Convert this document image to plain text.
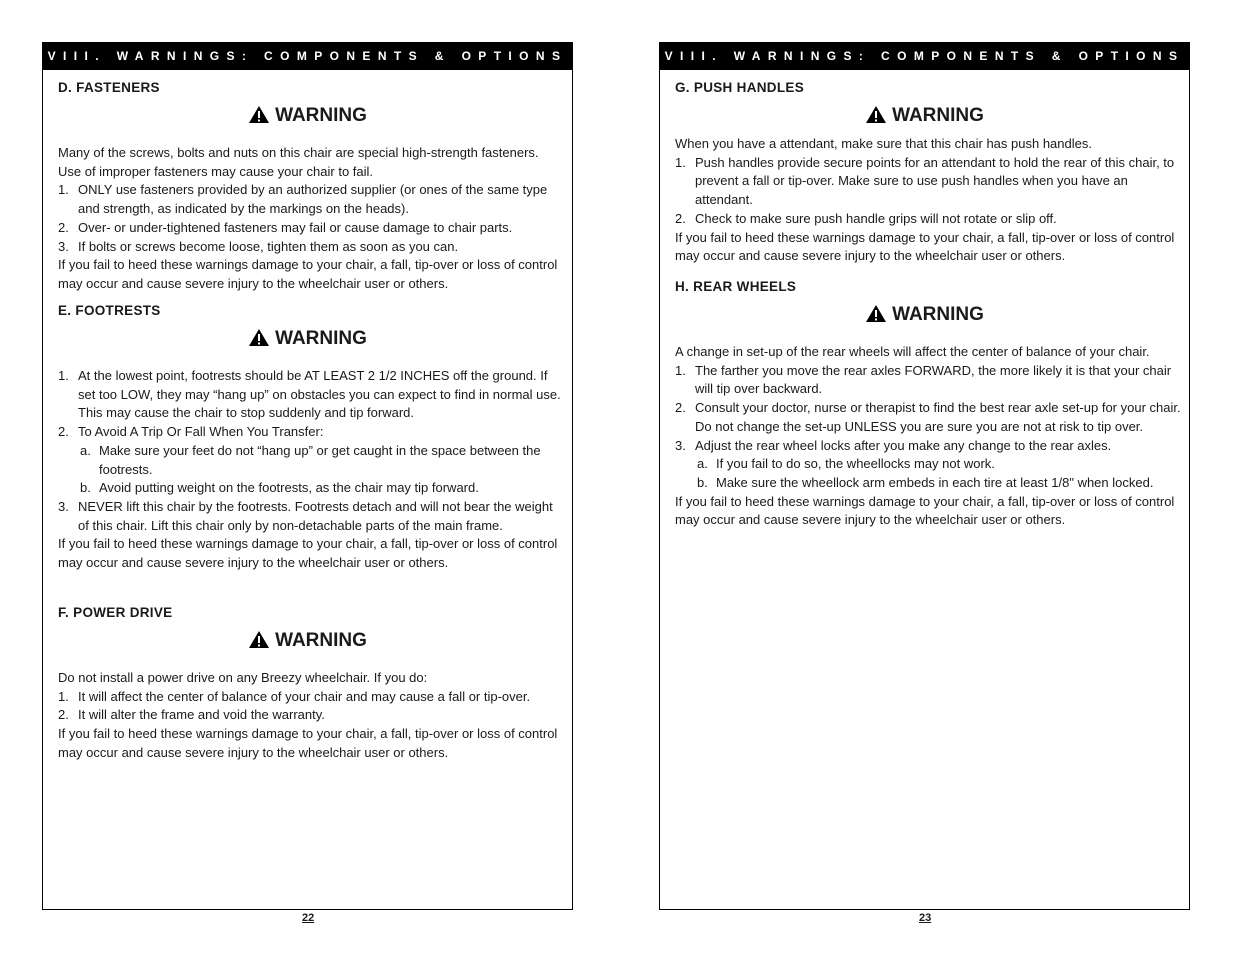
VIII. WARNINGS: COMPONENTS & OPTIONS
D. FASTENERS
WARNING

Many of the screws, bolts and nuts on this chair are special high-strength fasteners.

Use of improper fasteners may cause your chair to fail.

1. ONLY use fasteners provided by an authorized supplier (or ones of the same type and strength, as indicated by the markings on the heads).
2. Over- or under-tightened fasteners may fail or cause damage to chair parts.
3. If bolts or screws become loose, tighten them as soon as you can.

If you fail to heed these warnings damage to your chair, a fall, tip-over or loss of control may occur and cause severe injury to the wheelchair user or others.

E. FOOTRESTS
WARNING
1. At the lowest point, footrests should be AT LEAST 2 1/2 INCHES off the ground. If set too LOW, they may “hang up” on obstacles you can expect to find in normal use. This may cause the chair to stop suddenly and tip forward.
2. To Avoid A Trip Or Fall When You Transfer:
a. Make sure your feet do not “hang up” or get caught in the space between the footrests.
b. Avoid putting weight on the footrests, as the chair may tip forward.
3. NEVER lift this chair by the footrests. Footrests detach and will not bear the weight of this chair. Lift this chair only by non-detachable parts of the main frame.

If you fail to heed these warnings damage to your chair, a fall, tip-over or loss of control may occur and cause severe injury to the wheelchair user or others.

F. POWER DRIVE
WARNING

Do not install a power drive on any Breezy wheelchair. If you do:

1. It will affect the center of balance of your chair and may cause a fall or tip-over.
2. It will alter the frame and void the warranty.

If you fail to heed these warnings damage to your chair, a fall, tip-over or loss of control may occur and cause severe injury to the wheelchair user or others.

22
VIII. WARNINGS: COMPONENTS & OPTIONS
G. PUSH HANDLES
WARNING

When you have a attendant, make sure that this chair has push handles.

1. Push handles provide secure points for an attendant to hold the rear of this chair, to prevent a fall or tip-over. Make sure to use push handles when you have an attendant.
2. Check to make sure push handle grips will not rotate or slip off.

If you fail to heed these warnings damage to your chair, a fall, tip-over or loss of control may occur and cause severe injury to the wheelchair user or others.

H. REAR WHEELS
WARNING

A change in set-up of the rear wheels will affect the center of balance of your chair.

1. The farther you move the rear axles FORWARD, the more likely it is that your chair will tip over backward.
2. Consult your doctor, nurse or therapist to find the best rear axle set-up for your chair. Do not change the set-up UNLESS you are sure you are not at risk to tip over.
3. Adjust the rear wheel locks after you make any change to the rear axles.
a. If you fail to do so, the wheellocks may not work.
b. Make sure the wheellock arm embeds in each tire at least 1/8" when locked.

If you fail to heed these warnings damage to your chair, a fall, tip-over or loss of control may occur and cause severe injury to the wheelchair user or others.

23
